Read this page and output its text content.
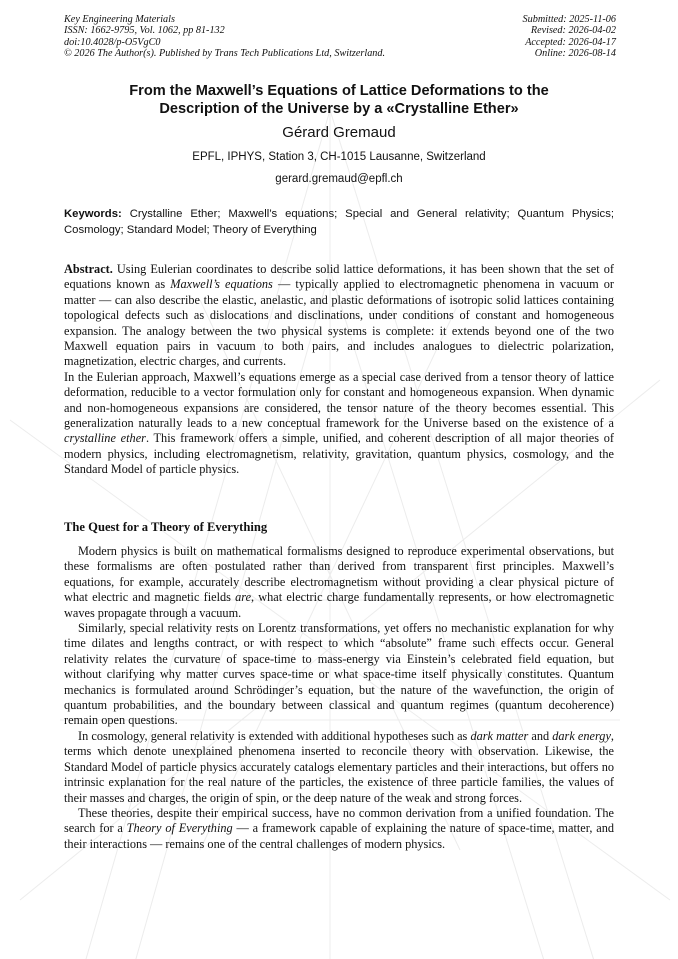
Key Engineering Materials
ISSN: 1662-9795, Vol. 1062, pp 81-132
doi:10.4028/p-O5VgC0
© 2026 The Author(s). Published by Trans Tech Publications Ltd, Switzerland.
Submitted: 2025-11-06
Revised: 2026-04-02
Accepted: 2026-04-17
Online: 2026-08-14
From the Maxwell’s Equations of Lattice Deformations to the
Description of the Universe by a «Crystalline Ether»
Gérard Gremaud
EPFL, IPHYS, Station 3, CH-1015 Lausanne, Switzerland
gerard.gremaud@epfl.ch
Keywords: Crystalline Ether; Maxwell’s equations; Special and General relativity; Quantum Physics; Cosmology; Standard Model; Theory of Everything

Abstract. Using Eulerian coordinates to describe solid lattice deformations, it has been shown that the set of equations known as Maxwell’s equations — typically applied to electromagnetic phenomena in vacuum or matter — can also describe the elastic, anelastic, and plastic deformations of isotropic solid lattices containing topological defects such as dislocations and disclinations, under conditions of constant and homogeneous expansion. The analogy between the two physical systems is complete: it extends beyond one of the two Maxwell equation pairs in vacuum to both pairs, and includes analogues to dielectric polarization, magnetization, electric charges, and currents.

In the Eulerian approach, Maxwell’s equations emerge as a special case derived from a tensor theory of lattice deformation, reducible to a vector formulation only for constant and homogeneous expansion. When dynamic and non-homogeneous expansions are considered, the tensor nature of the theory becomes essential. This generalization naturally leads to a new conceptual framework for the Universe based on the existence of a crystalline ether. This framework offers a simple, unified, and coherent description of all major theories of modern physics, including electromagnetism, relativity, gravitation, quantum physics, cosmology, and the Standard Model of particle physics.

The Quest for a Theory of Everything

Modern physics is built on mathematical formalisms designed to reproduce experimental observations, but these formalisms are often postulated rather than derived from transparent first principles. Maxwell’s equations, for example, accurately describe electromagnetism without providing a clear physical picture of what electric and magnetic fields are, what electric charge fundamentally represents, or how electromagnetic waves propagate through a vacuum.

Similarly, special relativity rests on Lorentz transformations, yet offers no mechanistic explanation for why time dilates and lengths contract, or with respect to which “absolute” frame such effects occur. General relativity relates the curvature of space-time to mass-energy via Einstein’s celebrated field equation, but without clarifying why matter curves space-time or what space-time itself physically constitutes. Quantum mechanics is formulated around Schrödinger’s equation, but the nature of the wavefunction, the origin of quantum probabilities, and the boundary between classical and quantum regimes (quantum decoherence) remain open questions.

In cosmology, general relativity is extended with additional hypotheses such as dark matter and dark energy, terms which denote unexplained phenomena inserted to reconcile theory with observation. Likewise, the Standard Model of particle physics accurately catalogs elementary particles and their interactions, but offers no intrinsic explanation for the real nature of the particles, the existence of three particle families, the values of their masses and charges, the origin of spin, or the deep nature of the weak and strong forces.

These theories, despite their empirical success, have no common derivation from a unified foundation. The search for a Theory of Everything — a framework capable of explaining the nature of space-time, matter, and their interactions — remains one of the central challenges of modern physics.
